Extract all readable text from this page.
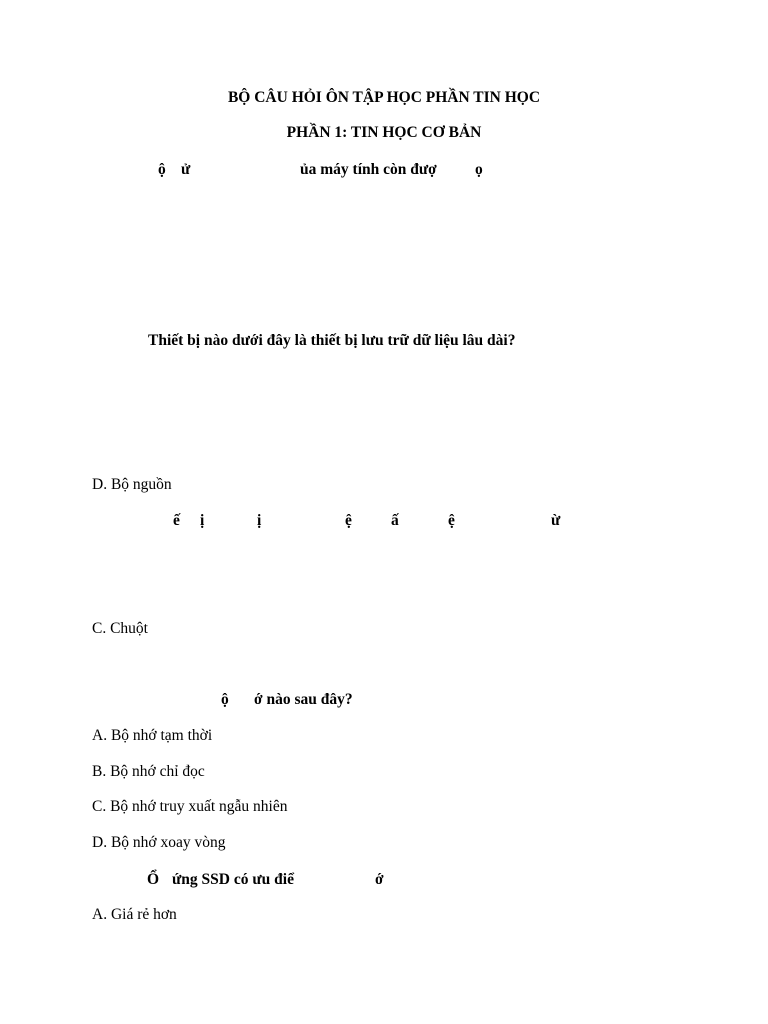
BỘ CÂU HỎI ÔN TẬP HỌC PHẦN TIN HỌC
PHẦN 1: TIN HỌC CƠ BẢN
ộ ử	ủa máy tính còn đượ ọ
Thiết bị nào dưới đây là thiết bị lưu trữ dữ liệu lâu dài?
D. Bộ nguồn
ế ị	ị	ệ	ấ	ệ	ừ
C. Chuột
ộ ớ nào sau đây?
A. Bộ nhớ tạm thời
B. Bộ nhớ chỉ đọc
C. Bộ nhớ truy xuất ngẫu nhiên
D. Bộ nhớ xoay vòng
Ổ ứng SSD có ưu điể	ớ
A. Giá rẻ hơn
